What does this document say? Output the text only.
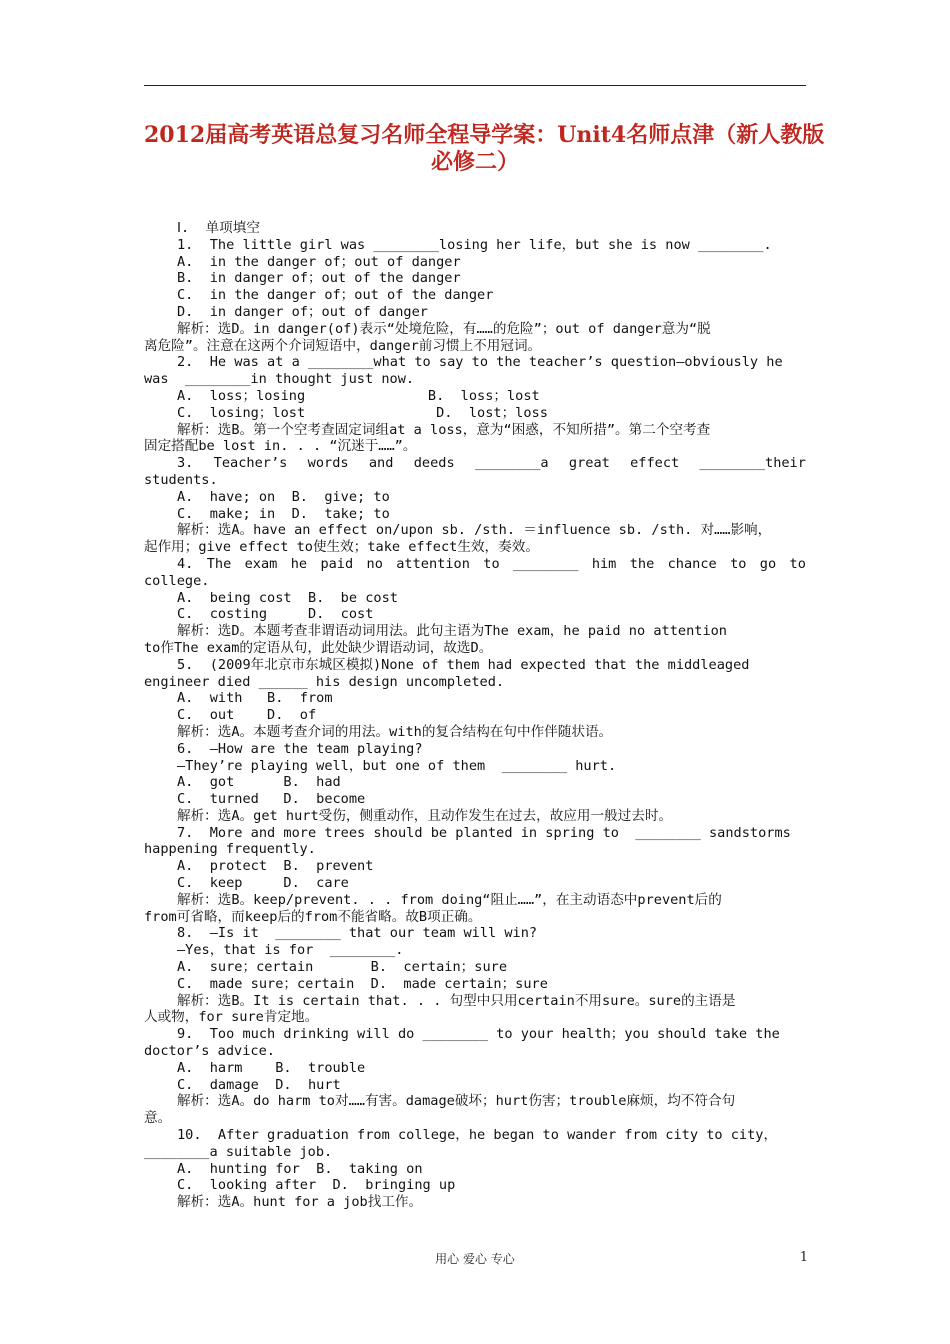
2012届高考英语总复习名师全程导学案：Unit4名师点津（新人教版
必修二）
Ⅰ.  单项填空
1.  The little girl was ________losing her life，but she is now ________.
A.  in the danger of；out of danger
B.  in danger of；out of the danger
C.  in the danger of；out of the danger
D.  in danger of；out of danger
解析：选D。in danger(of)表示“处境危险，有……的危险”；out of danger意为“脱
离危险”。注意在这两个介词短语中，danger前习惯上不用冠词。
2.  He was at a ________what to say to the teacher’s question—obviously he
was  ________in thought just now.
A.  loss；losing               B.  loss；lost
C.  losing；lost                D.  lost；loss
解析：选B。第一个空考查固定词组at a loss，意为“困惑，不知所措”。第二个空考查
固定搭配be lost in. . . “沉迷于……”。
3. Teacher’s words and deeds ________a great effect ________their
students.
A.  have; on  B.  give; to
C.  make; in  D.  take; to
解析：选A。have an effect on/upon sb. /sth. ＝influence sb. /sth. 对……影响，
起作用；give effect to使生效；take effect生效，奏效。
4. The exam he paid no attention to ________ him the chance to go to
college.
A.  being cost  B.  be cost
C.  costing     D.  cost
解析：选D。本题考查非谓语动词用法。此句主语为The exam，he paid no attention
to作The exam的定语从句，此处缺少谓语动词，故选D。
5.  (2009年北京市东城区模拟)None of them had expected that the middleaged
engineer died ______ his design uncompleted.
A.  with   B.  from
C.  out    D.  of
解析：选A。本题考查介词的用法。with的复合结构在句中作伴随状语。
6.  —How are the team playing?
—They’re playing well，but one of them  ________ hurt.
A.  got      B.  had
C.  turned   D.  become
解析：选A。get hurt受伤，侧重动作，且动作发生在过去，故应用一般过去时。
7.  More and more trees should be planted in spring to  ________ sandstorms
happening frequently.
A.  protect  B.  prevent
C.  keep     D.  care
解析：选B。keep/prevent. . . from doing“阻止……”，在主动语态中prevent后的
from可省略，而keep后的from不能省略。故B项正确。
8.  —Is it  ________ that our team will win?
—Yes，that is for  ________.
A.  sure；certain       B.  certain；sure
C.  made sure；certain  D.  made certain；sure
解析：选B。It is certain that. . . 句型中只用certain不用sure。sure的主语是
人或物，for sure肯定地。
9.  Too much drinking will do ________ to your health；you should take the
doctor’s advice.
A.  harm    B.  trouble
C.  damage  D.  hurt
解析：选A。do harm to对……有害。damage破坏；hurt伤害；trouble麻烦，均不符合句
意。
10.  After graduation from college，he began to wander from city to city，
________a suitable job.
A.  hunting for  B.  taking on
C.  looking after  D.  bringing up
解析：选A。hunt for a job找工作。
用心 爱心 专心	1
